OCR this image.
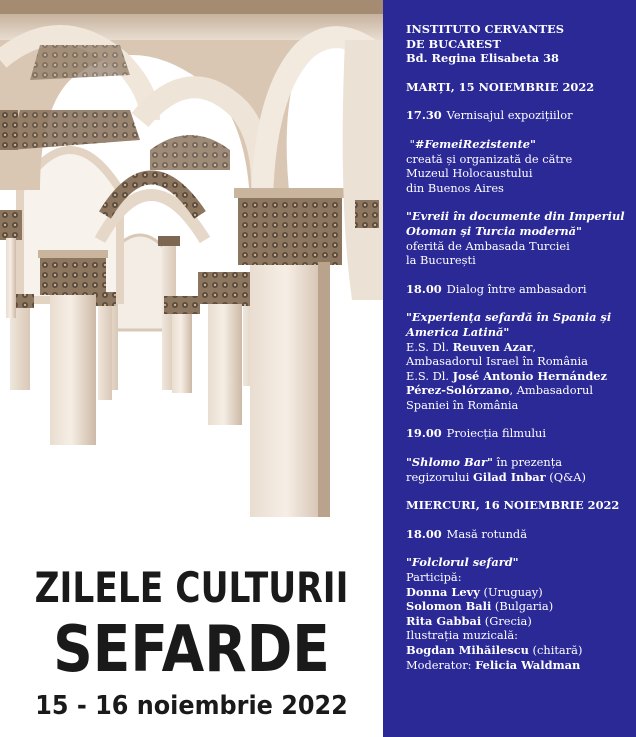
ZILELE CULTURII
SEFARDE
15 - 16 noiembrie 2022
INSTITUTO CERVANTES
DE BUCAREST
Bd. Regina Elisabeta 38
MARȚI, 15 NOIEMBRIE 2022
17.30 Vernisajul expozițiilor
"#FemeiRezistente"
creată și organizată de către
Muzeul Holocaustului
din Buenos Aires
"Evreii în documente din Imperiul
Otoman și Turcia modernă"
oferită de Ambasada Turciei
la București
18.00 Dialog între ambasadori
"Experiența sefardă în Spania și
America Latină"
E.S. Dl. Reuven Azar,
Ambasadorul Israel în România
E.S. Dl. José Antonio Hernández
Pérez-Solórzano, Ambasadorul
Spaniei în România
19.00 Proiecția filmului
"Shlomo Bar" în prezența
regizorului Gilad Inbar (Q&A)
MIERCURI, 16 NOIEMBRIE 2022
18.00 Masă rotundă
"Folclorul sefard"
Participă:
Donna Levy (Uruguay)
Solomon Bali (Bulgaria)
Rita Gabbai (Grecia)
Ilustrația muzicală:
Bogdan Mihăilescu (chitară)
Moderator: Felicia Waldman
